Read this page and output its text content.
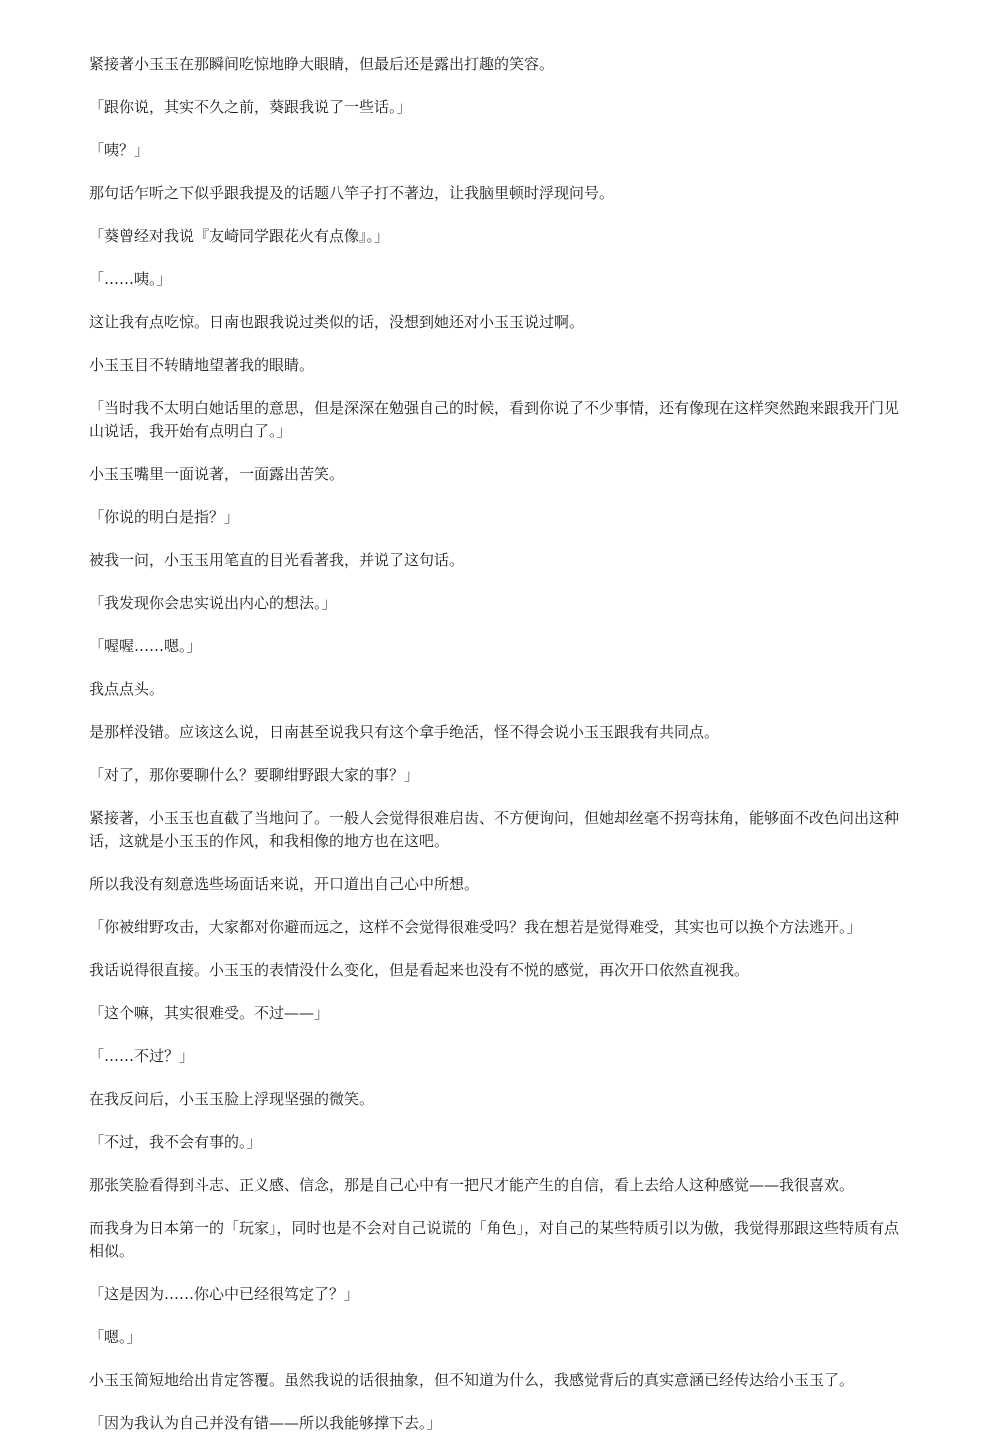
紧接著小玉玉在那瞬间吃惊地睁大眼睛，但最后还是露出打趣的笑容。

「跟你说，其实不久之前，葵跟我说了一些话。」

「咦？」

那句话乍听之下似乎跟我提及的话题八竿子打不著边，让我脑里顿时浮现问号。

「葵曾经对我说『友崎同学跟花火有点像』。」

「……咦。」

这让我有点吃惊。日南也跟我说过类似的话，没想到她还对小玉玉说过啊。

小玉玉目不转睛地望著我的眼睛。

「当时我不太明白她话里的意思，但是深深在勉强自己的时候，看到你说了不少事情，还有像现在这样突然跑来跟我开门见山说话，我开始有点明白了。」

小玉玉嘴里一面说著，一面露出苦笑。

「你说的明白是指？」

被我一问，小玉玉用笔直的目光看著我，并说了这句话。

「我发现你会忠实说出内心的想法。」

「喔喔……嗯。」

我点点头。

是那样没错。应该这么说，日南甚至说我只有这个拿手绝活，怪不得会说小玉玉跟我有共同点。

「对了，那你要聊什么？要聊绀野跟大家的事？」

紧接著，小玉玉也直截了当地问了。一般人会觉得很难启齿、不方便询问，但她却丝毫不拐弯抹角，能够面不改色问出这种话，这就是小玉玉的作风，和我相像的地方也在这吧。

所以我没有刻意选些场面话来说，开口道出自己心中所想。

「你被绀野攻击，大家都对你避而远之，这样不会觉得很难受吗？我在想若是觉得难受，其实也可以换个方法逃开。」

我话说得很直接。小玉玉的表情没什么变化，但是看起来也没有不悦的感觉，再次开口依然直视我。

「这个嘛，其实很难受。不过——」

「……不过？」

在我反问后，小玉玉脸上浮现坚强的微笑。

「不过，我不会有事的。」

那张笑脸看得到斗志、正义感、信念，那是自己心中有一把尺才能产生的自信，看上去给人这种感觉——我很喜欢。

而我身为日本第一的「玩家」，同时也是不会对自己说谎的「角色」，对自己的某些特质引以为傲，我觉得那跟这些特质有点相似。

「这是因为……你心中已经很笃定了？」

「嗯。」

小玉玉简短地给出肯定答覆。虽然我说的话很抽象，但不知道为什么，我感觉背后的真实意涵已经传达给小玉玉了。

「因为我认为自己并没有错——所以我能够撑下去。」
